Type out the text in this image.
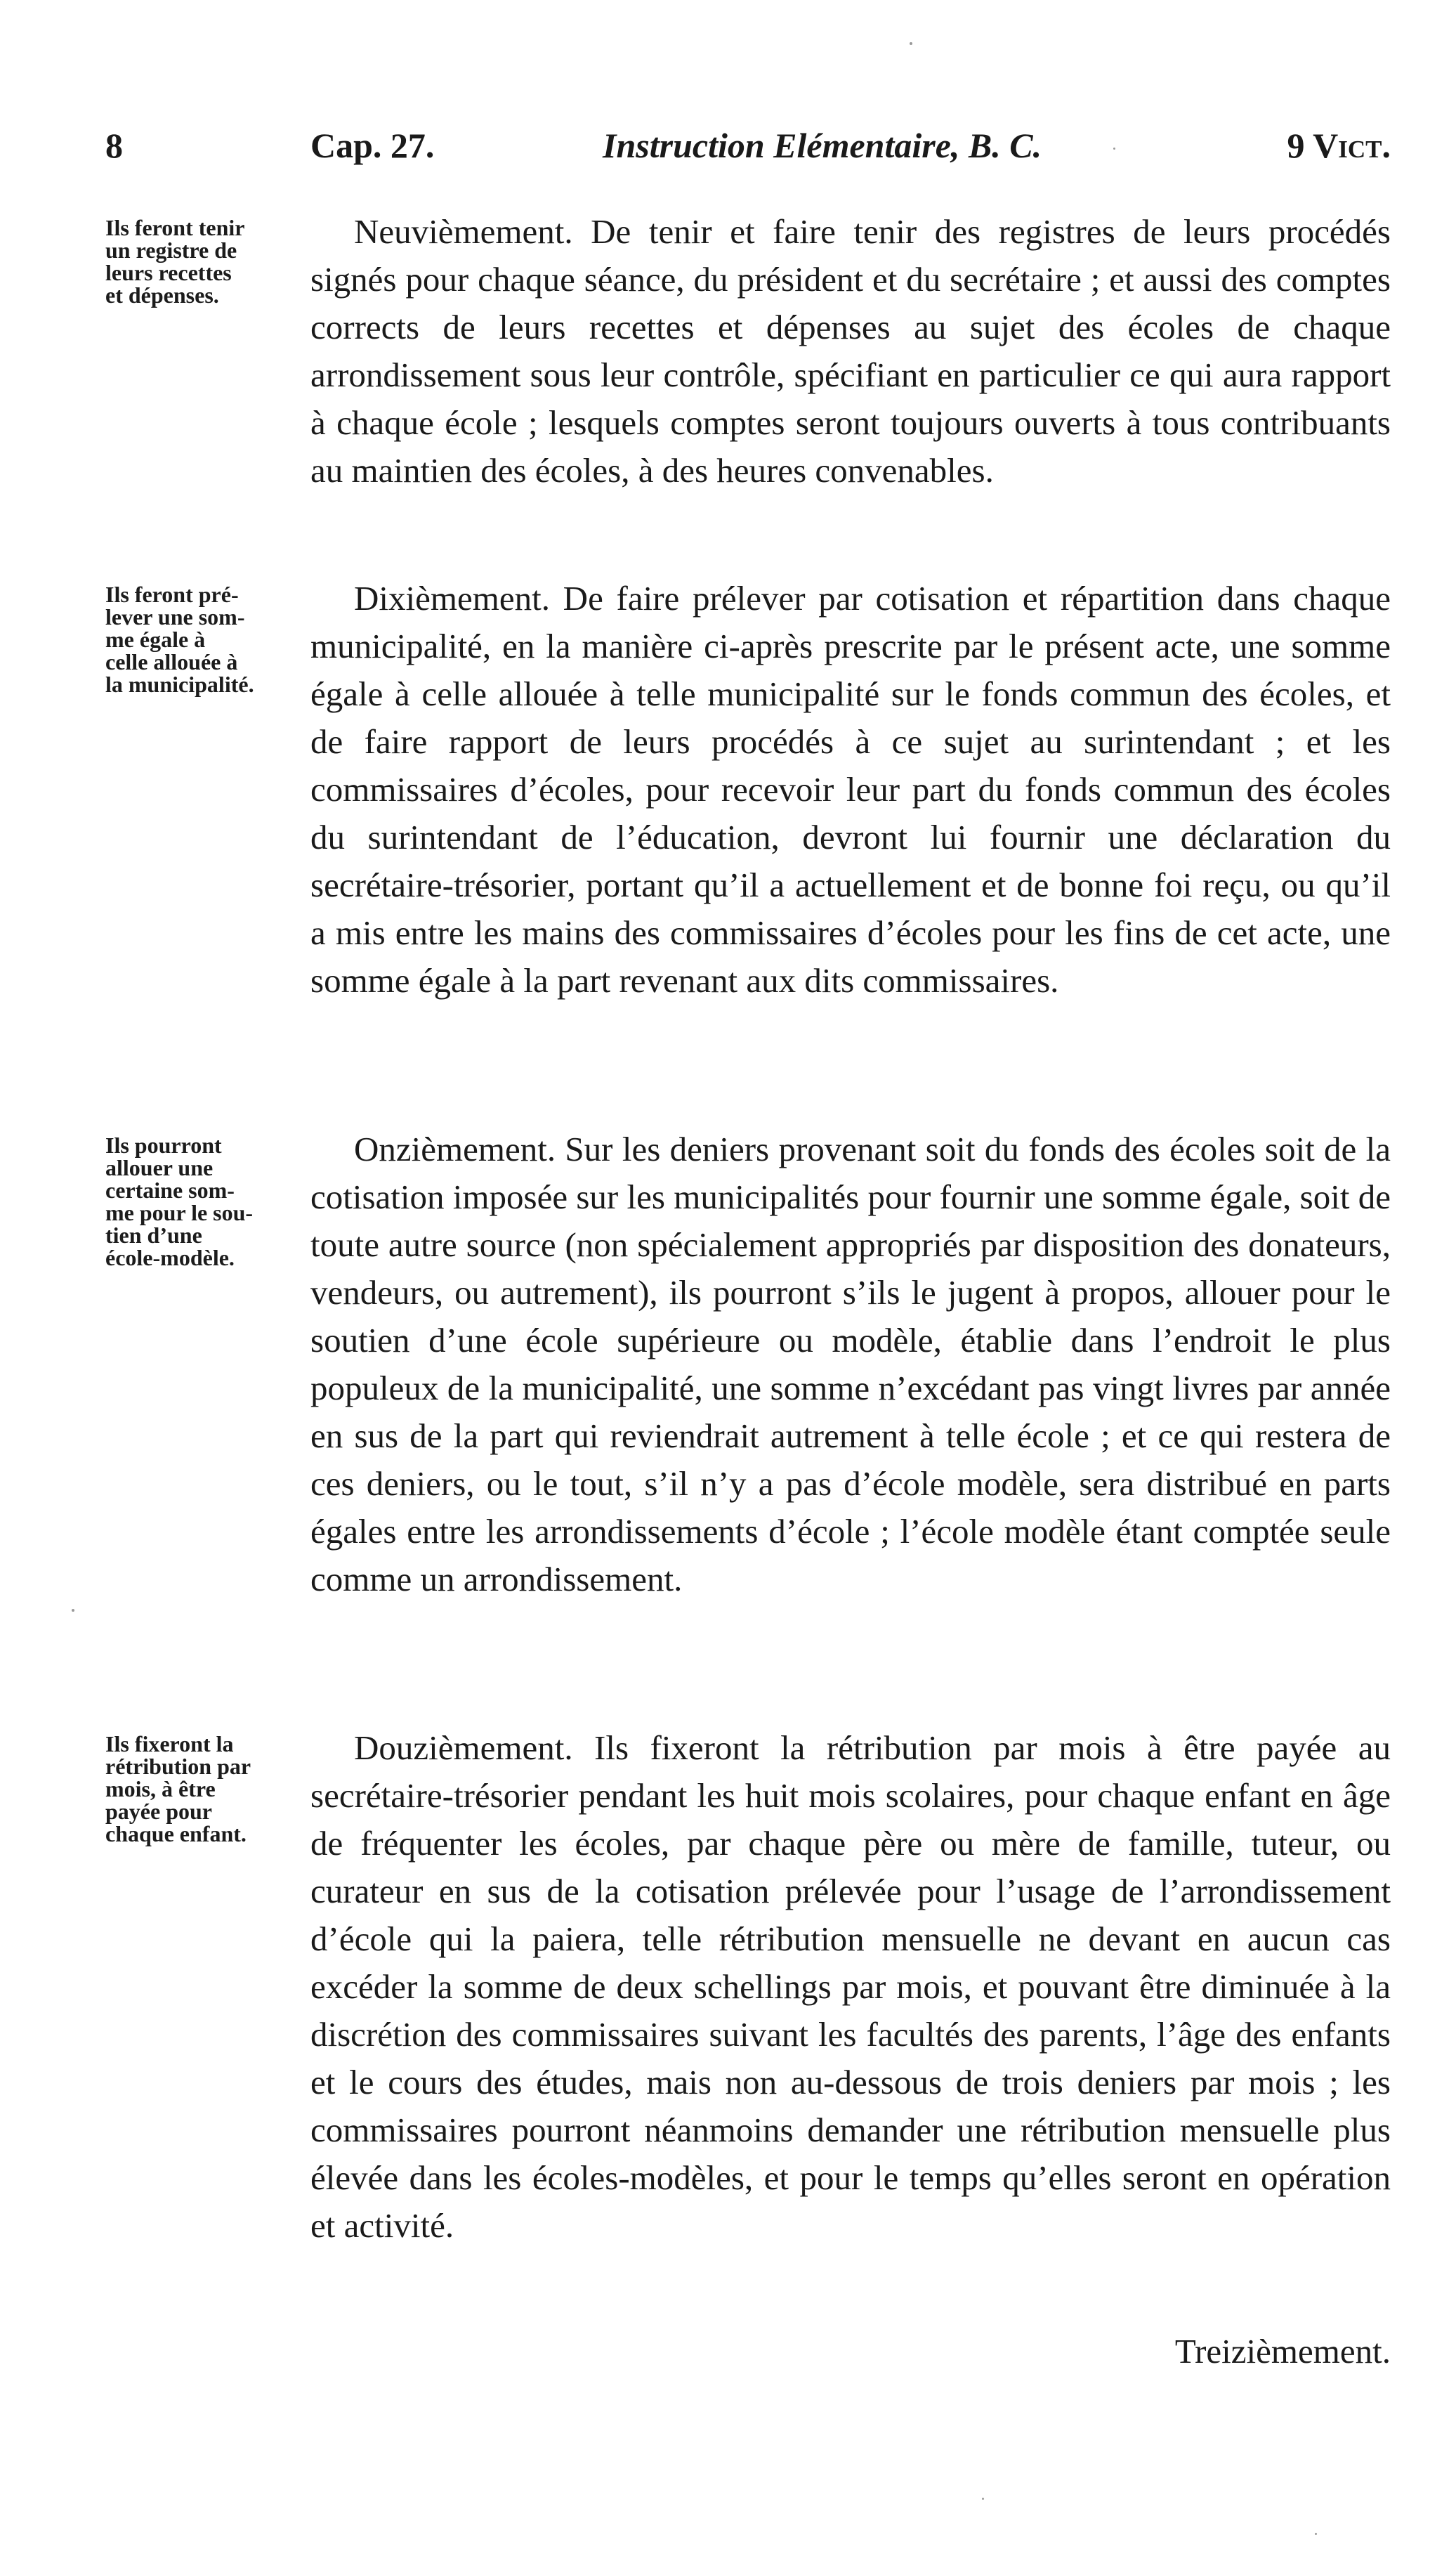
8	Cap. 27.	Instruction Elémentaire, B. C.	9 Vict.
Ils feront tenir
un registre de
leurs recettes
et dépenses.

Neuvièmement. De tenir et faire tenir des registres de leurs procédés signés pour chaque séance, du président et du secrétaire ; et aussi des comptes corrects de leurs recettes et dépenses au sujet des écoles de chaque arrondissement sous leur contrôle, spécifiant en particulier ce qui aura rapport à chaque école ; lesquels comptes seront toujours ouverts à tous contribuants au maintien des écoles, à des heures convenables.

Ils feront pré-
lever une som-
me égale à
celle allouée à
la municipalité.

Dixièmement. De faire prélever par cotisation et répartition dans chaque municipalité, en la manière ci-après prescrite par le présent acte, une somme égale à celle allouée à telle municipalité sur le fonds commun des écoles, et de faire rapport de leurs procédés à ce sujet au surintendant ; et les commissaires d’écoles, pour recevoir leur part du fonds commun des écoles du surintendant de l’éducation, devront lui fournir une déclaration du secrétaire-trésorier, portant qu’il a actuellement et de bonne foi reçu, ou qu’il a mis entre les mains des commissaires d’écoles pour les fins de cet acte, une somme égale à la part revenant aux dits commissaires.

Ils pourront
allouer une
certaine som-
me pour le sou-
tien d’une
école-modèle.

Onzièmement. Sur les deniers provenant soit du fonds des écoles soit de la cotisation imposée sur les municipalités pour fournir une somme égale, soit de toute autre source (non spécialement appropriés par disposition des donateurs, vendeurs, ou autrement), ils pourront s’ils le jugent à propos, allouer pour le soutien d’une école supérieure ou modèle, établie dans l’endroit le plus populeux de la municipalité, une somme n’excédant pas vingt livres par année en sus de la part qui reviendrait autrement à telle école ; et ce qui restera de ces deniers, ou le tout, s’il n’y a pas d’école modèle, sera distribué en parts égales entre les arrondissements d’école ; l’école modèle étant comptée seule comme un arrondissement.

Ils fixeront la
rétribution par
mois, à être
payée pour
chaque enfant.

Douzièmement. Ils fixeront la rétribution par mois à être payée au secrétaire-trésorier pendant les huit mois scolaires, pour chaque enfant en âge de fréquenter les écoles, par chaque père ou mère de famille, tuteur, ou curateur en sus de la cotisation prélevée pour l’usage de l’arrondissement d’école qui la paiera, telle rétribution mensuelle ne devant en aucun cas excéder la somme de deux schellings par mois, et pouvant être diminuée à la discrétion des commissaires suivant les facultés des parents, l’âge des enfants et le cours des études, mais non au-dessous de trois deniers par mois ; les commissaires pourront néanmoins demander une rétribution mensuelle plus élevée dans les écoles-modèles, et pour le temps qu’elles seront en opération et activité.

Treizièmement.
